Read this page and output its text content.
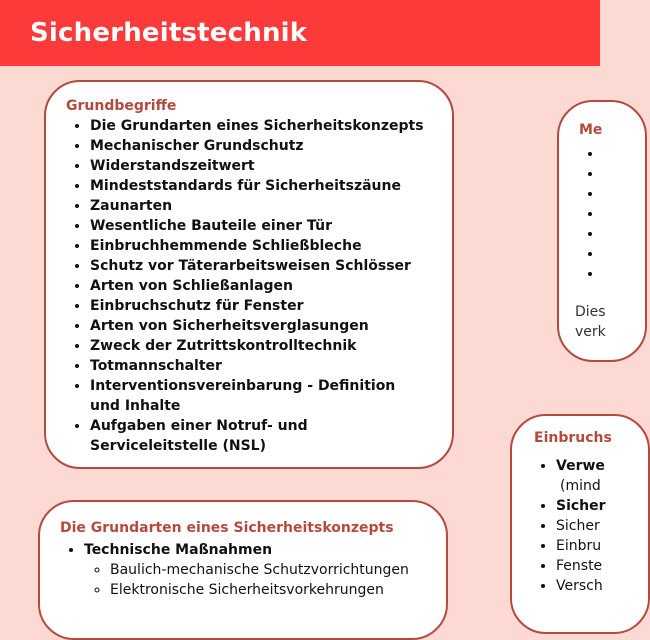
Sicherheitstechnik
Grundbegriffe
• Die Grundarten eines Sicherheitskonzepts
• Mechanischer Grundschutz
• Widerstandszeitwert
• Mindeststandards für Sicherheitszäune
• Zaunarten
• Wesentliche Bauteile einer Tür
• Einbruchhemmende Schließbleche
• Schutz vor Täterarbeitsweisen Schlösser
• Arten von Schließanlagen
• Einbruchschutz für Fenster
• Arten von Sicherheitsverglasungen
• Zweck der Zutrittskontrolltechnik
• Totmannschalter
• Interventionsvereinbarung - Definition und Inhalte
• Aufgaben einer Notruf- und Serviceleitstelle (NSL)
Me
•
•
•
•
•
•
•
Dies
verk
Einbruchs
• Verwe
(mind
• Sicher
• Sicher
• Einbru
• Fenste
• Versch
Die Grundarten eines Sicherheitskonzepts
• Technische Maßnahmen
◦ Baulich-mechanische Schutzvorrichtungen
◦ Elektronische Sicherheitsvorkehrungen
